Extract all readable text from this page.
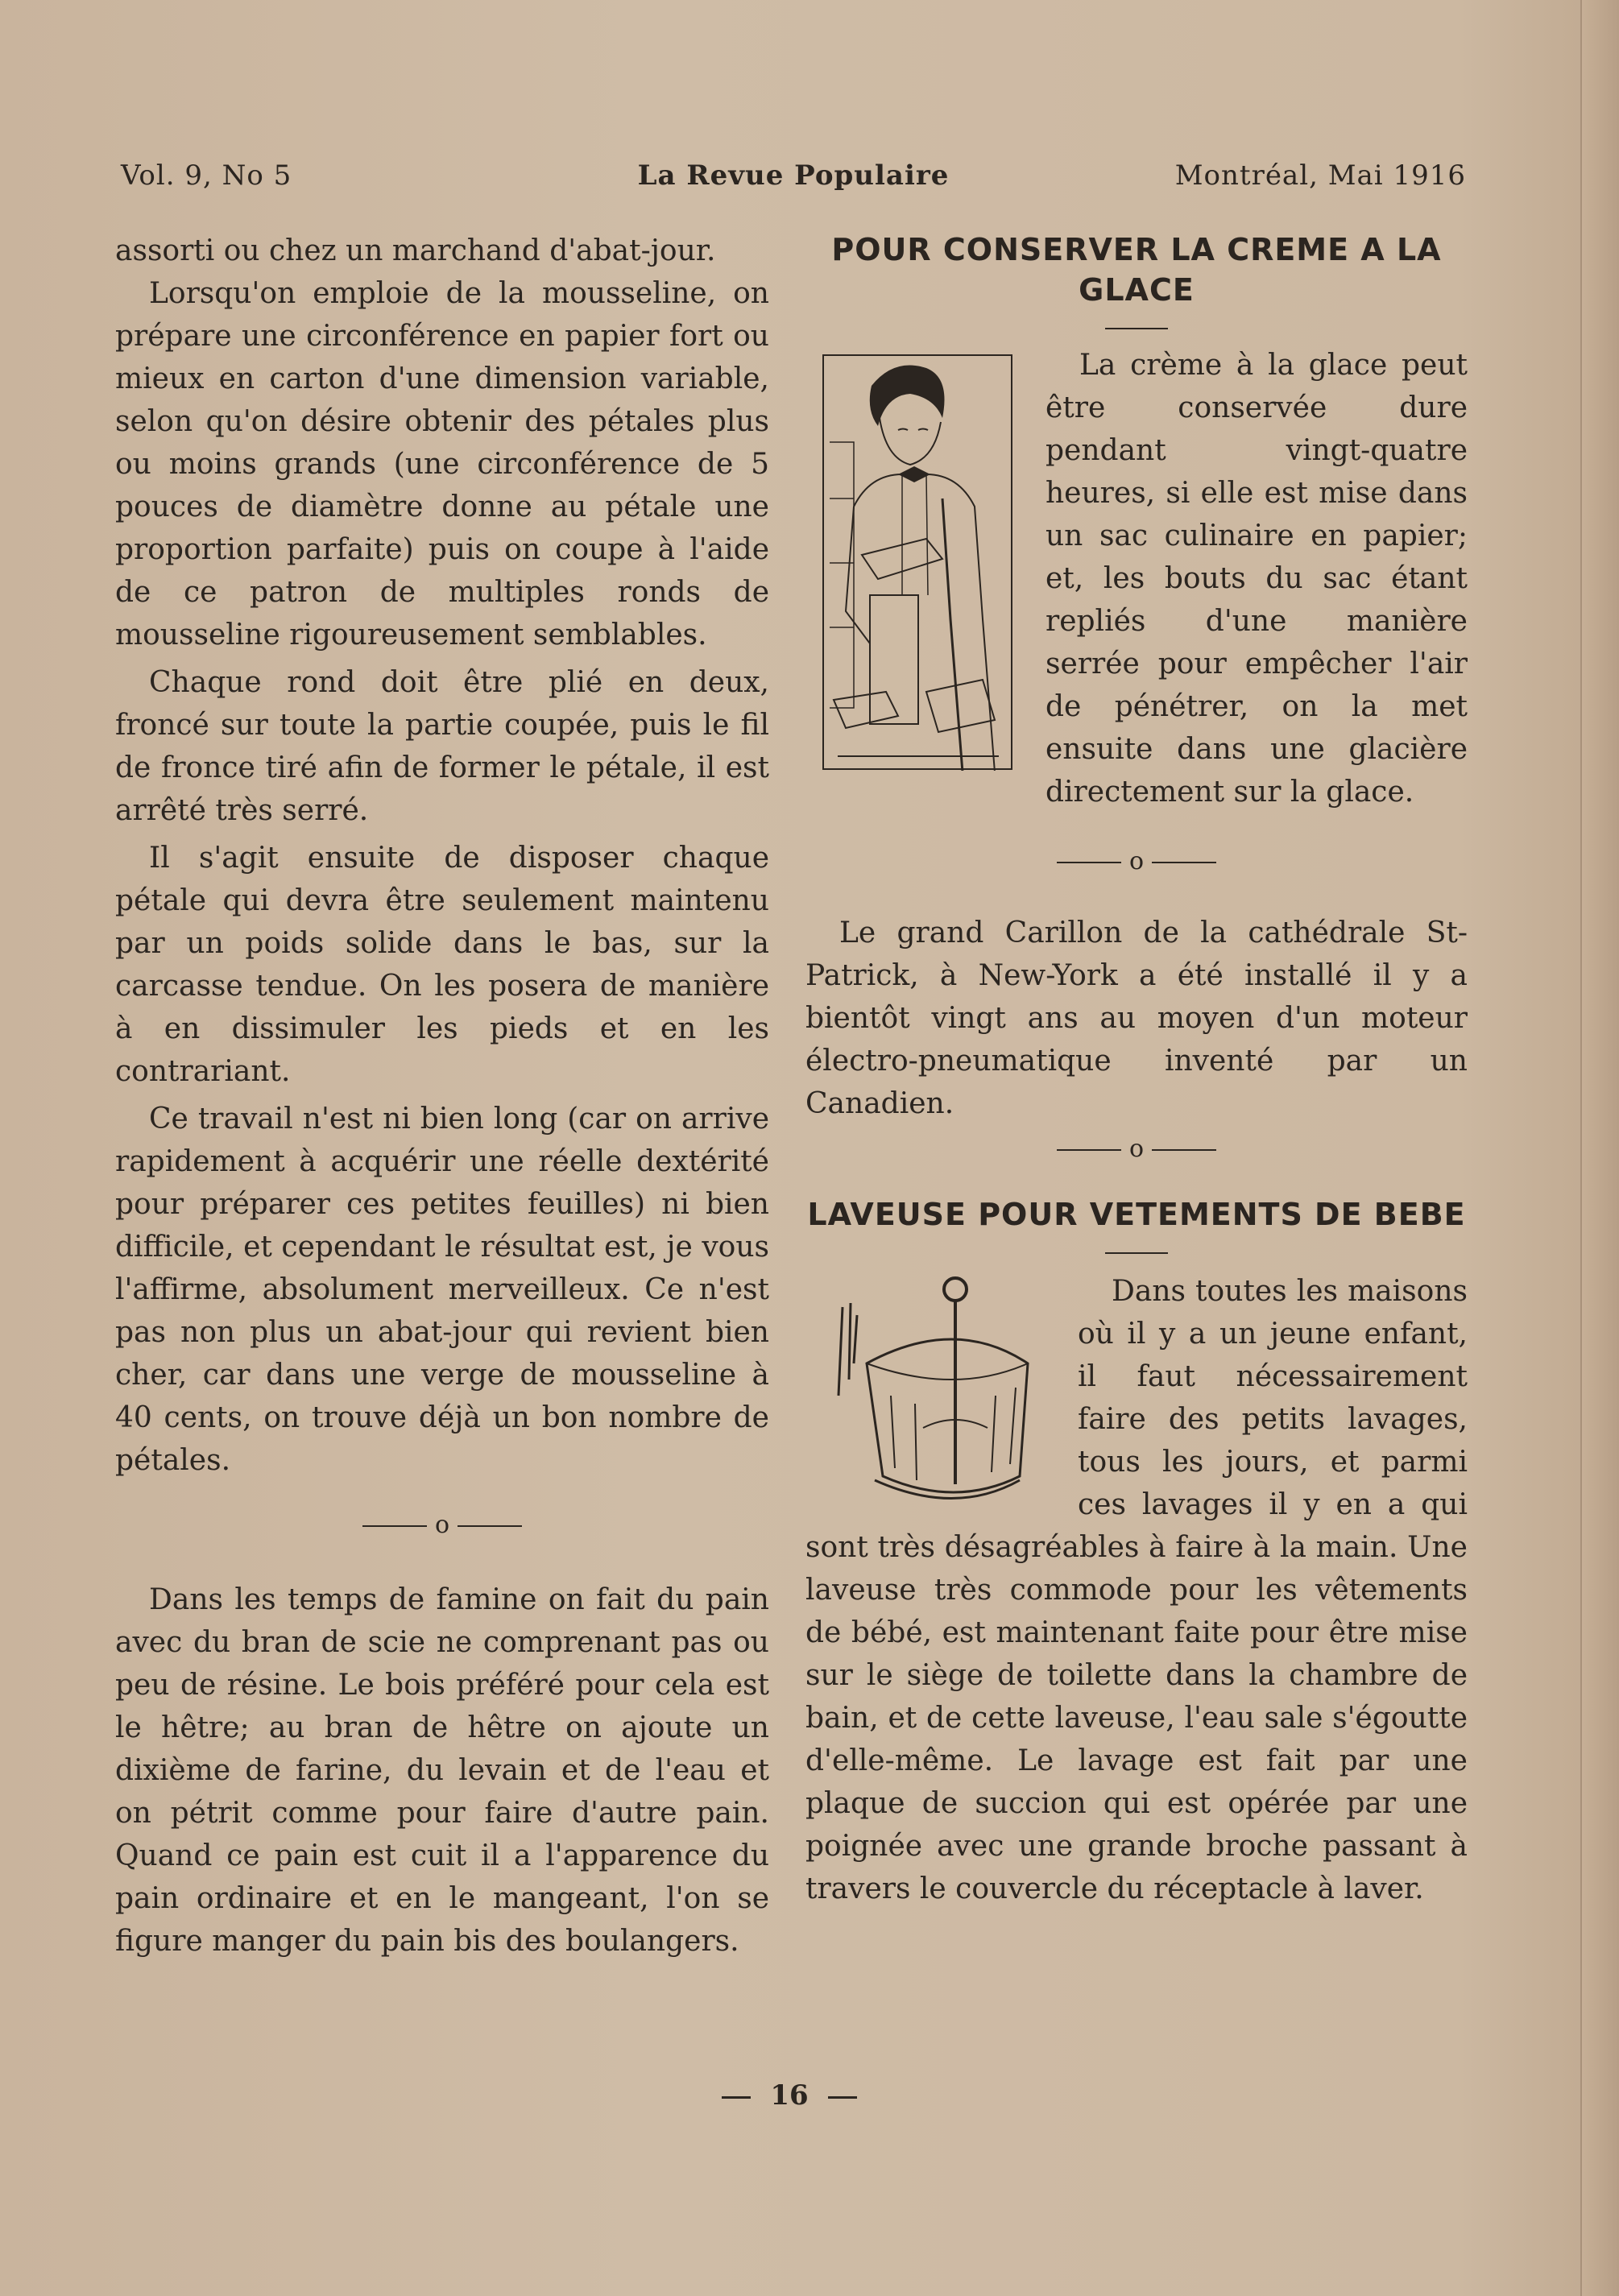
Vol. 9, No 5	La Revue Populaire	Montréal, Mai 1916

assorti ou chez un marchand d'abat-jour.

Lorsqu'on emploie de la mousseline, on prépare une circonférence en papier fort ou mieux en carton d'une dimension variable, selon qu'on désire obtenir des pétales plus ou moins grands (une circonférence de 5 pouces de diamètre donne au pétale une proportion parfaite) puis on coupe à l'aide de ce patron de multiples ronds de mousseline rigoureusement semblables.

Chaque rond doit être plié en deux, froncé sur toute la partie coupée, puis le fil de fronce tiré afin de former le pétale, il est arrêté très serré.

Il s'agit ensuite de disposer chaque pétale qui devra être seulement maintenu par un poids solide dans le bas, sur la carcasse tendue. On les posera de manière à en dissimuler les pieds et en les contrariant.

Ce travail n'est ni bien long (car on arrive rapidement à acquérir une réelle dextérité pour préparer ces petites feuilles) ni bien difficile, et cependant le résultat est, je vous l'affirme, absolument merveilleux. Ce n'est pas non plus un abat-jour qui revient bien cher, car dans une verge de mousseline à 40 cents, on trouve déjà un bon nombre de pétales.

o

Dans les temps de famine on fait du pain avec du bran de scie ne comprenant pas ou peu de résine. Le bois préféré pour cela est le hêtre; au bran de hêtre on ajoute un dixième de farine, du levain et de l'eau et on pétrit comme pour faire d'autre pain. Quand ce pain est cuit il a l'apparence du pain ordinaire et en le mangeant, l'on se figure manger du pain bis des boulangers.

POUR CONSERVER LA CREME A LA GLACE

La crème à la glace peut être conservée dure pendant vingt-quatre heures, si elle est mise dans un sac culinaire en papier; et, les bouts du sac étant repliés d'une manière serrée pour empêcher l'air de pénétrer, on la met ensuite dans une glacière directement sur la glace.

o

Le grand Carillon de la cathédrale St-Patrick, à New-York a été installé il y a bientôt vingt ans au moyen d'un moteur électro-pneumatique inventé par un Canadien.

o
LAVEUSE POUR VETEMENTS DE BEBE

Dans toutes les maisons où il y a un jeune enfant, il faut nécessairement faire des petits lavages, tous les jours, et parmi ces lavages il y en a qui sont très désagréables à faire à la main. Une laveuse très commode pour les vêtements de bébé, est maintenant faite pour être mise sur le siège de toilette dans la chambre de bain, et de cette laveuse, l'eau sale s'égoutte d'elle-même. Le lavage est fait par une plaque de succion qui est opérée par une poignée avec une grande broche passant à travers le couvercle du réceptacle à laver.

16
